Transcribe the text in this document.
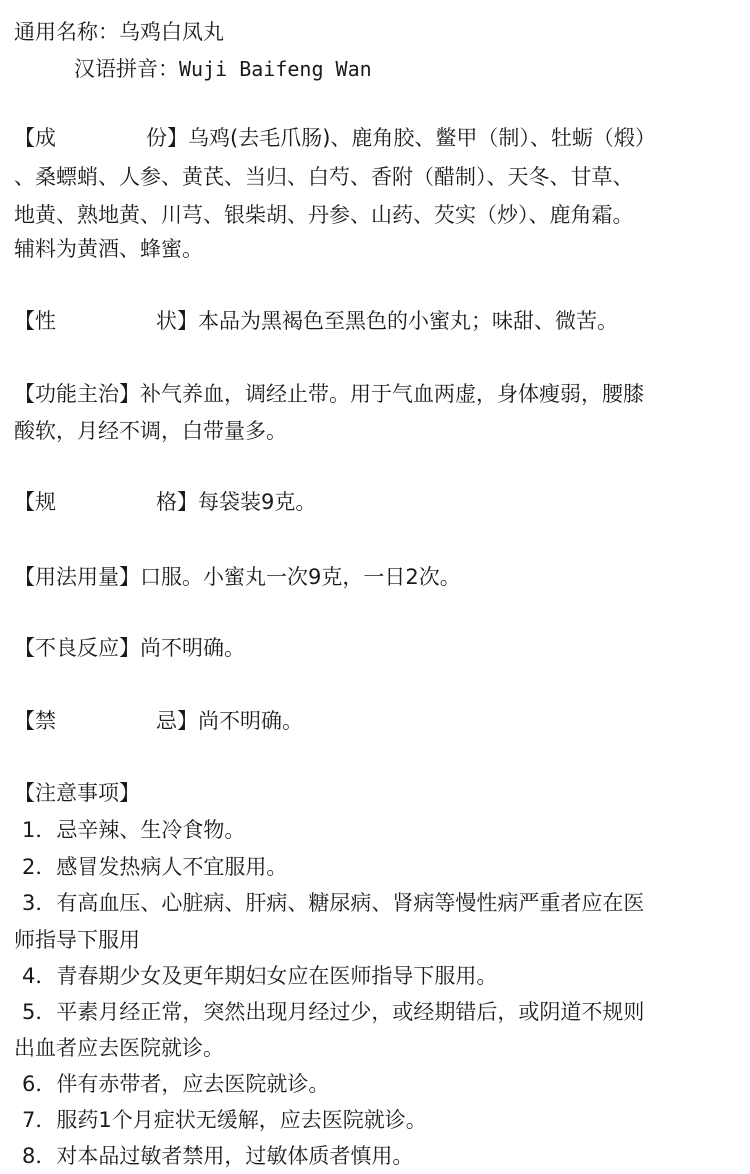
通用名称：乌鸡白凤丸
汉语拼音：Wuji Baifeng Wan
【成	份】乌鸡(去毛爪肠)、鹿角胶、鳖甲（制）、牡蛎（煅）
、桑螵蛸、人参、黄芪、当归、白芍、香附（醋制）、天冬、甘草、
地黄、熟地黄、川芎、银柴胡、丹参、山药、芡实（炒）、鹿角霜。
辅料为黄酒、蜂蜜。
【性	状】本品为黑褐色至黑色的小蜜丸；味甜、微苦。
【功能主治】补气养血，调经止带。用于气血两虚，身体瘦弱，腰膝
酸软，月经不调，白带量多。
【规	格】每袋装9克。
【用法用量】口服。小蜜丸一次9克，一日2次。
【不良反应】尚不明确。
【禁	忌】尚不明确。
【注意事项】
1．忌辛辣、生冷食物。
2．感冒发热病人不宜服用。
3．有高血压、心脏病、肝病、糖尿病、肾病等慢性病严重者应在医
师指导下服用
4．青春期少女及更年期妇女应在医师指导下服用。
5．平素月经正常，突然出现月经过少，或经期错后，或阴道不规则
出血者应去医院就诊。
6．伴有赤带者，应去医院就诊。
7．服药1个月症状无缓解，应去医院就诊。
8．对本品过敏者禁用，过敏体质者慎用。
